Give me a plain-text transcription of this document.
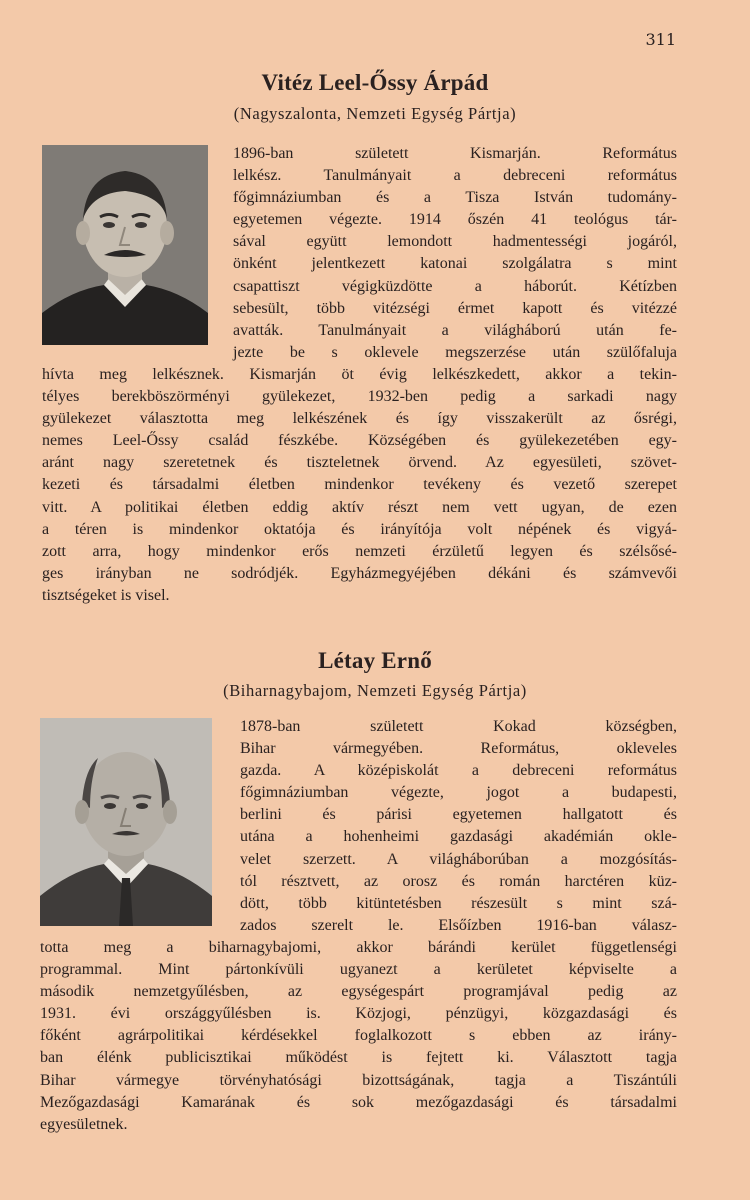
311
Vitéz Leel-Őssy Árpád
(Nagyszalonta, Nemzeti Egység Pártja)
1896-ban született Kismarján. Református
lelkész. Tanulmányait a debreceni református
főgimnáziumban és a Tisza István tudomány-
egyetemen végezte. 1914 őszén 41 teológus tár-
sával együtt lemondott hadmentességi jogáról,
önként jelentkezett katonai szolgálatra s mint
csapattiszt végigküzdötte a háborút. Kétízben
sebesült, több vitézségi érmet kapott és vitézzé
avatták. Tanulmányait a világháború után fe-
jezte be s oklevele megszerzése után szülőfaluja
hívta meg lelkésznek. Kismarján öt évig lelkészkedett, akkor a tekin-
télyes berekböszörményi gyülekezet, 1932-ben pedig a sarkadi nagy
gyülekezet választotta meg lelkészének és így visszakerült az ősrégi,
nemes Leel-Őssy család fészkébe. Községében és gyülekezetében egy-
aránt nagy szeretetnek és tiszteletnek örvend. Az egyesületi, szövet-
kezeti és társadalmi életben mindenkor tevékeny és vezető szerepet
vitt. A politikai életben eddig aktív részt nem vett ugyan, de ezen
a téren is mindenkor oktatója és irányítója volt népének és vigyá-
zott arra, hogy mindenkor erős nemzeti érzületű legyen és szélsősé-
ges irányban ne sodródjék. Egyházmegyéjében dékáni és számvevői
tisztségeket is visel.
Létay Ernő
(Biharnagybajom, Nemzeti Egység Pártja)
1878-ban született Kokad községben,
Bihar vármegyében. Református, okleveles
gazda. A középiskolát a debreceni református
főgimnáziumban végezte, jogot a budapesti,
berlini és párisi egyetemen hallgatott és
utána a hohenheimi gazdasági akadémián okle-
velet szerzett. A világháborúban a mozgósítás-
tól résztvett, az orosz és román harctéren küz-
dött, több kitüntetésben részesült s mint szá-
zados szerelt le. Elsőízben 1916-ban válasz-
totta meg a biharnagybajomi, akkor bárándi kerület függetlenségi
programmal. Mint pártonkívüli ugyanezt a kerületet képviselte a
második nemzetgyűlésben, az egységespárt programjával pedig az
1931. évi országgyűlésben is. Közjogi, pénzügyi, közgazdasági és
főként agrárpolitikai kérdésekkel foglalkozott s ebben az irány-
ban élénk publicisztikai működést is fejtett ki. Választott tagja
Bihar vármegye törvényhatósági bizottságának, tagja a Tiszántúli
Mezőgazdasági Kamarának és sok mezőgazdasági és társadalmi
egyesületnek.
